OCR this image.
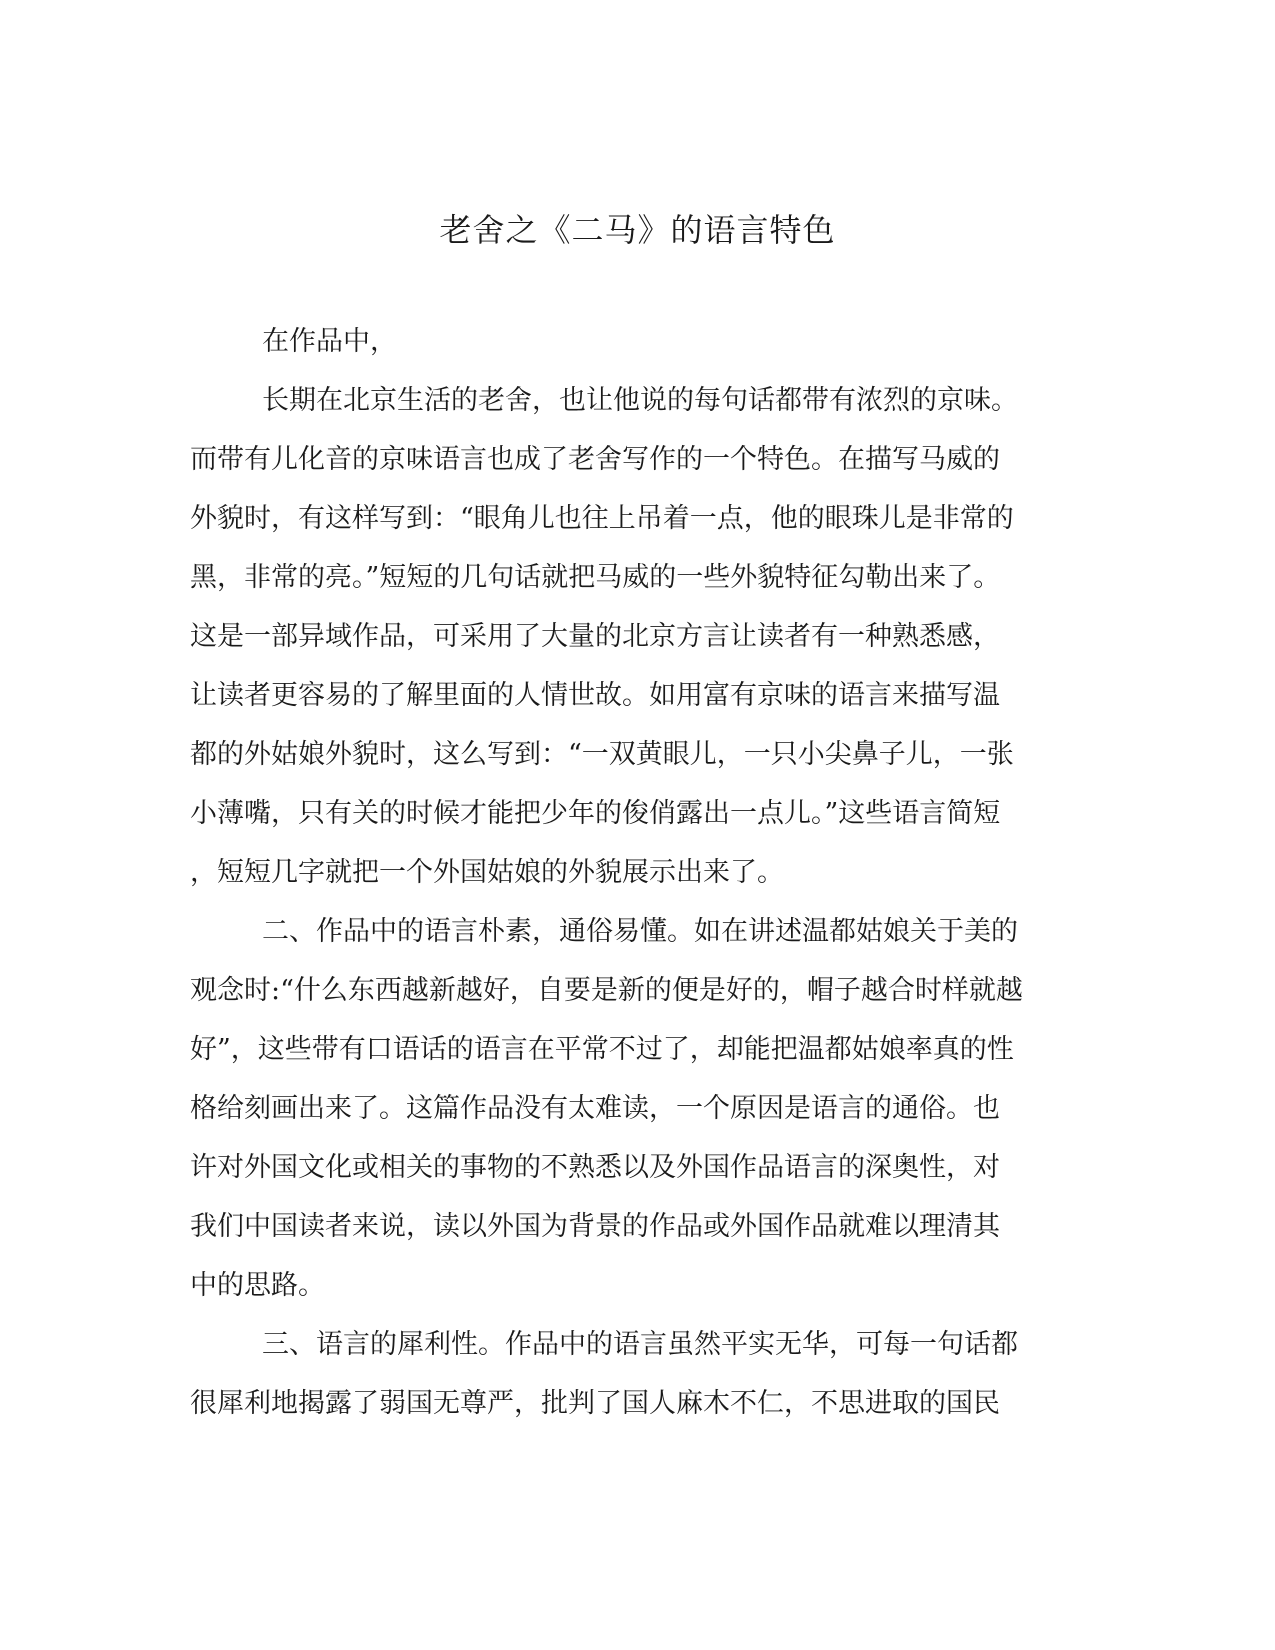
老舍之《二马》的语言特色

在作品中，

长期在北京生活的老舍，也让他说的每句话都带有浓烈的京味。

而带有儿化音的京味语言也成了老舍写作的一个特色。在描写马威的

外貌时，有这样写到：“眼角儿也往上吊着一点，他的眼珠儿是非常的

黑，非常的亮。”短短的几句话就把马威的一些外貌特征勾勒出来了。

这是一部异域作品，可采用了大量的北京方言让读者有一种熟悉感，

让读者更容易的了解里面的人情世故。如用富有京味的语言来描写温

都的外姑娘外貌时，这么写到：“一双黄眼儿，一只小尖鼻子儿，一张

小薄嘴，只有关的时候才能把少年的俊俏露出一点儿。”这些语言简短

，短短几字就把一个外国姑娘的外貌展示出来了。

二、作品中的语言朴素，通俗易懂。如在讲述温都姑娘关于美的

观念时:“什么东西越新越好，自要是新的便是好的，帽子越合时样就越

好”，这些带有口语话的语言在平常不过了，却能把温都姑娘率真的性

格给刻画出来了。这篇作品没有太难读，一个原因是语言的通俗。也

许对外国文化或相关的事物的不熟悉以及外国作品语言的深奥性，对

我们中国读者来说，读以外国为背景的作品或外国作品就难以理清其

中的思路。

三、语言的犀利性。作品中的语言虽然平实无华，可每一句话都

很犀利地揭露了弱国无尊严，批判了国人麻木不仁，不思进取的国民
